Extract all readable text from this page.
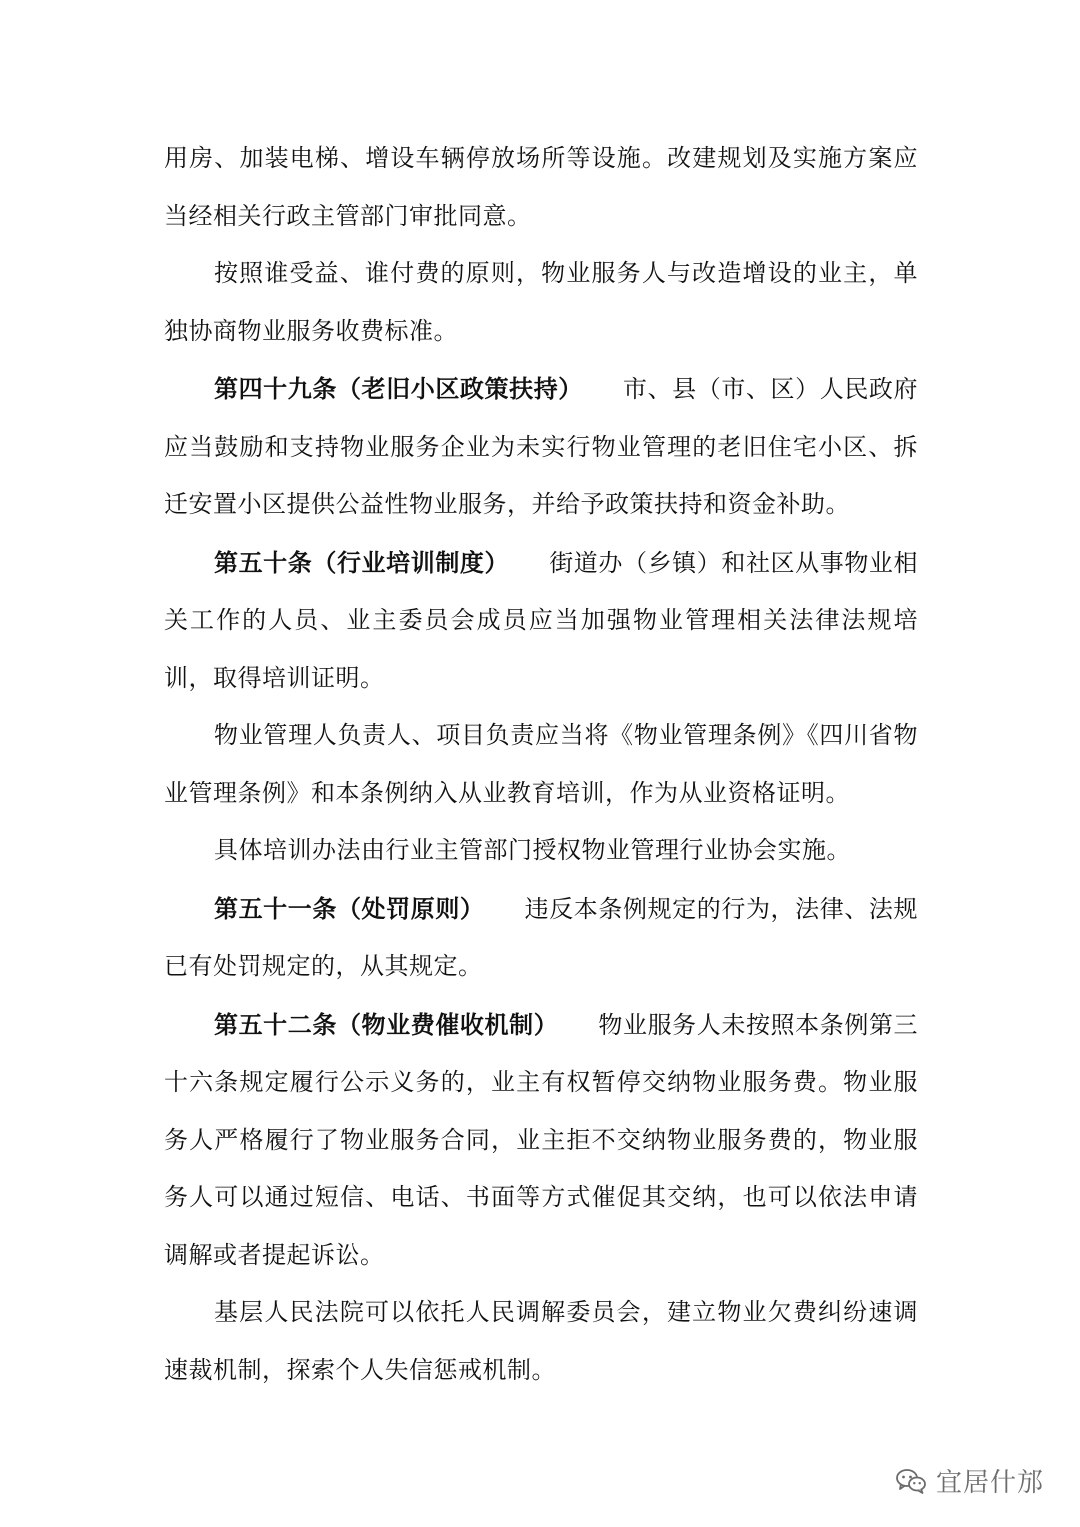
用房、加装电梯、增设车辆停放场所等设施。改建规划及实施方案应当经相关行政主管部门审批同意。

按照谁受益、谁付费的原则，物业服务人与改造增设的业主，单独协商物业服务收费标准。

第四十九条（老旧小区政策扶持） 市、县（市、区）人民政府应当鼓励和支持物业服务企业为未实行物业管理的老旧住宅小区、拆迁安置小区提供公益性物业服务，并给予政策扶持和资金补助。

第五十条（行业培训制度） 街道办（乡镇）和社区从事物业相关工作的人员、业主委员会成员应当加强物业管理相关法律法规培训，取得培训证明。

物业管理人负责人、项目负责应当将《物业管理条例》《四川省物业管理条例》和本条例纳入从业教育培训，作为从业资格证明。

具体培训办法由行业主管部门授权物业管理行业协会实施。

第五十一条（处罚原则） 违反本条例规定的行为，法律、法规已有处罚规定的，从其规定。

第五十二条（物业费催收机制） 物业服务人未按照本条例第三十六条规定履行公示义务的，业主有权暂停交纳物业服务费。物业服务人严格履行了物业服务合同，业主拒不交纳物业服务费的，物业服务人可以通过短信、电话、书面等方式催促其交纳，也可以依法申请调解或者提起诉讼。

基层人民法院可以依托人民调解委员会，建立物业欠费纠纷速调速裁机制，探索个人失信惩戒机制。

宜居什邡
